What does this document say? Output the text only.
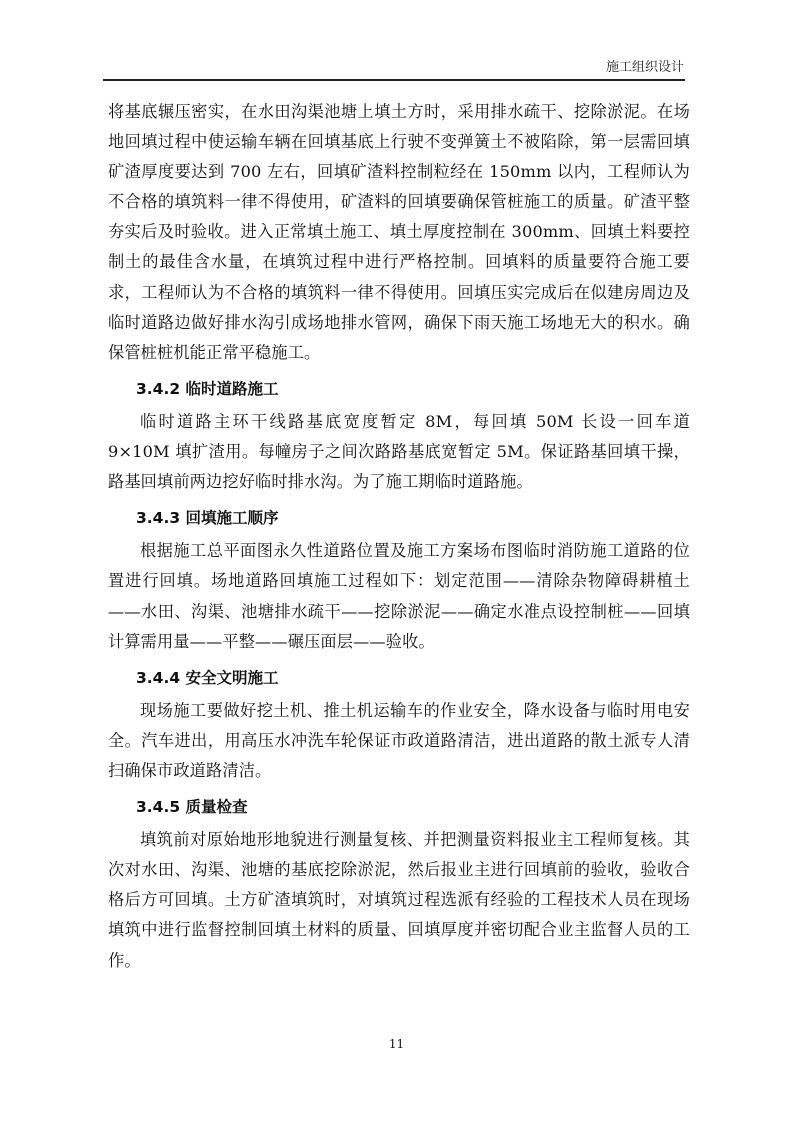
施工组织设计

将基底辗压密实，在水田沟渠池塘上填土方时，采用排水疏干、挖除淤泥。在场地回填过程中使运输车辆在回填基底上行驶不变弹簧土不被陷除，第一层需回填矿渣厚度要达到 700 左右，回填矿渣料控制粒经在 150mm 以内，工程师认为不合格的填筑料一律不得使用，矿渣料的回填要确保管桩施工的质量。矿渣平整夯实后及时验收。进入正常填土施工、填土厚度控制在 300mm、回填土料要控制土的最佳含水量，在填筑过程中进行严格控制。回填料的质量要符合施工要求，工程师认为不合格的填筑料一律不得使用。回填压实完成后在似建房周边及临时道路边做好排水沟引成场地排水管网，确保下雨天施工场地无大的积水。确保管桩桩机能正常平稳施工。

3.4.2 临时道路施工

临时道路主环干线路基底宽度暂定 8M，每回填 50M 长设一回车道 9×10M 填扩渣用。每幢房子之间次路路基底宽暂定 5M。保证路基回填干操，路基回填前两边挖好临时排水沟。为了施工期临时道路施。

3.4.3 回填施工顺序

根据施工总平面图永久性道路位置及施工方案场布图临时消防施工道路的位置进行回填。场地道路回填施工过程如下：划定范围——清除杂物障碍耕植土——水田、沟渠、池塘排水疏干——挖除淤泥——确定水准点设控制桩——回填计算需用量——平整——碾压面层——验收。

3.4.4 安全文明施工

现场施工要做好挖土机、推土机运输车的作业安全，降水设备与临时用电安全。汽车进出，用高压水冲洗车轮保证市政道路清洁，进出道路的散土派专人清扫确保市政道路清洁。

3.4.5 质量检查

填筑前对原始地形地貌进行测量复核、并把测量资料报业主工程师复核。其次对水田、沟渠、池塘的基底挖除淤泥，然后报业主进行回填前的验收，验收合格后方可回填。土方矿渣填筑时，对填筑过程选派有经验的工程技术人员在现场填筑中进行监督控制回填土材料的质量、回填厚度并密切配合业主监督人员的工作。

11
